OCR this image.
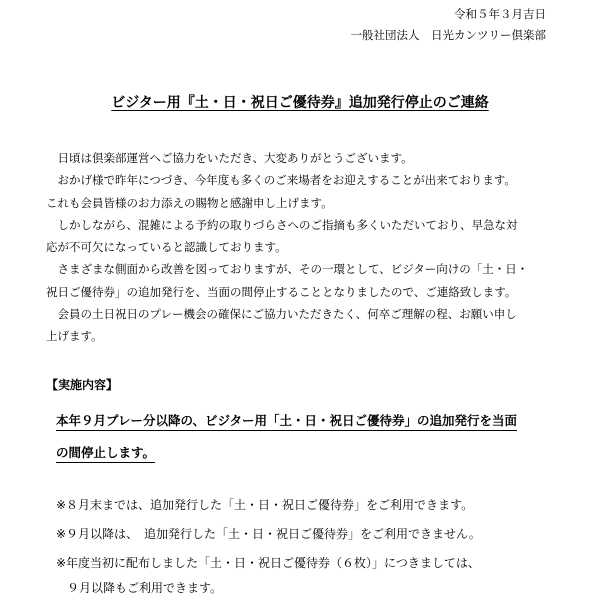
令和５年３月吉日
一般社団法人　日光カンツリー倶楽部
ビジター用『土・日・祝日ご優待券』追加発行停止のご連絡

　日頃は倶楽部運営へご協力をいただき、大変ありがとうございます。

　おかげ様で昨年につづき、今年度も多くのご来場者をお迎えすることが出来ております。

これも会員皆様のお力添えの賜物と感謝申し上げます。

　しかしながら、混雑による予約の取りづらさへのご指摘も多くいただいており、早急な対

応が不可欠になっていると認識しております。

　さまざまな側面から改善を図っておりますが、その一環として、ビジター向けの「土・日・

祝日ご優待券」の追加発行を、当面の間停止することとなりましたので、ご連絡致します。

　会員の土日祝日のプレー機会の確保にご協力いただきたく、何卒ご理解の程、お願い申し

上げます。

【実施内容】

本年９月プレー分以降の、ビジター用「土・日・祝日ご優待券」の追加発行を当面

の間停止します。

※８月末までは、追加発行した「土・日・祝日ご優待券」をご利用できます。

※９月以降は、　追加発行した「土・日・祝日ご優待券」をご利用できません。

※年度当初に配布しました「土・日・祝日ご優待券（６枚）」につきましては、

９月以降もご利用できます。
